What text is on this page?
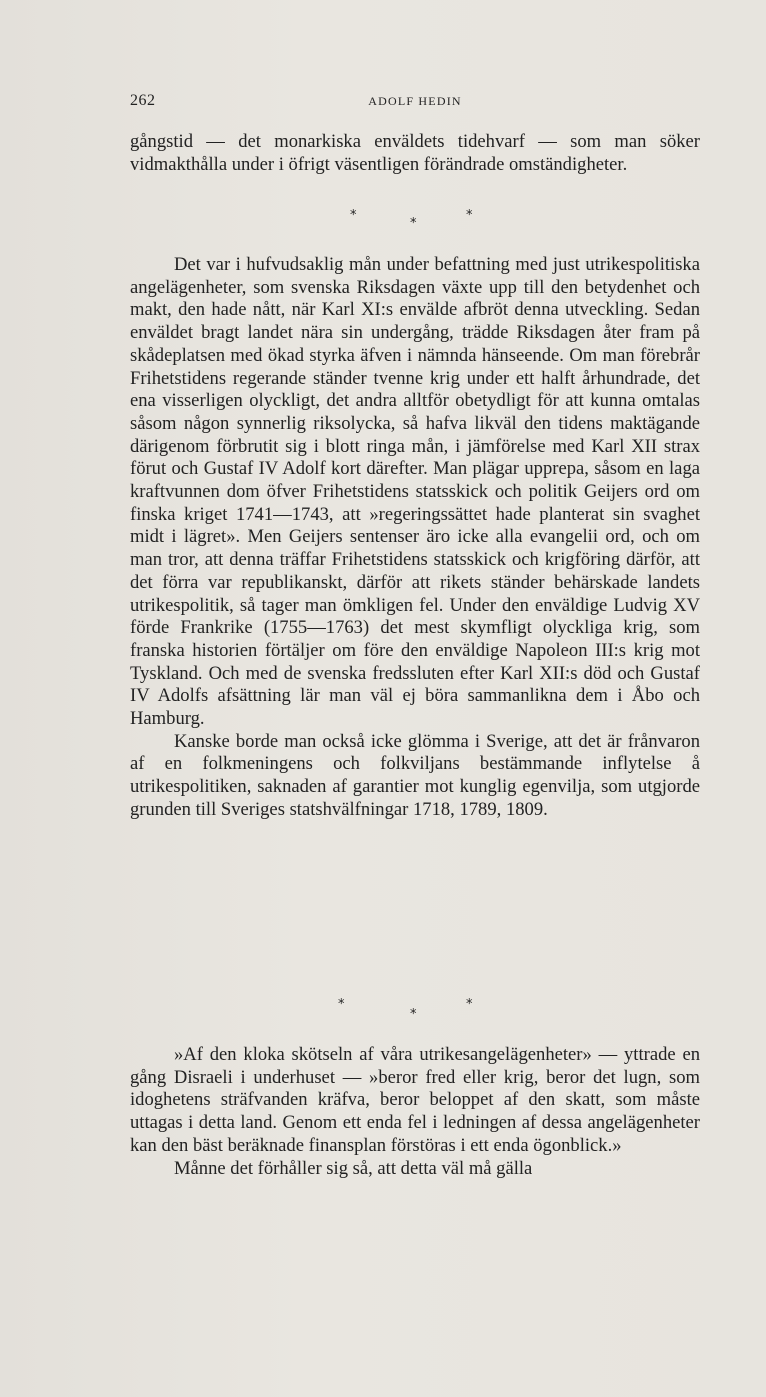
262	ADOLF HEDIN

gångstid — det monarkiska enväldets tidehvarf — som man söker vidmakthålla under i öfrigt väsentligen förändrade omständigheter.

*
*
*

Det var i hufvudsaklig mån under befattning med just utrikespolitiska angelägenheter, som svenska Riksdagen växte upp till den betydenhet och makt, den hade nått, när Karl XI:s envälde afbröt denna utveckling. Sedan enväldet bragt landet nära sin undergång, trädde Riksdagen åter fram på skådeplatsen med ökad styrka äfven i nämnda hänseende. Om man förebrår Frihetstidens regerande ständer tvenne krig under ett halft århundrade, det ena visserligen olyckligt, det andra alltför obetydligt för att kunna omtalas såsom någon synnerlig riksolycka, så hafva likväl den tidens maktägande därigenom förbrutit sig i blott ringa mån, i jämförelse med Karl XII strax förut och Gustaf IV Adolf kort därefter. Man plägar upprepa, såsom en laga kraftvunnen dom öfver Frihetstidens statsskick och politik Geijers ord om finska kriget 1741—1743, att »regeringssättet hade planterat sin svaghet midt i lägret». Men Geijers sentenser äro icke alla evangelii ord, och om man tror, att denna träffar Frihetstidens statsskick och krigföring därför, att det förra var republikanskt, därför att rikets ständer behärskade landets utrikespolitik, så tager man ömkligen fel. Under den enväldige Ludvig XV förde Frankrike (1755—1763) det mest skymfligt olyckliga krig, som franska historien förtäljer om före den enväldige Napoleon III:s krig mot Tyskland. Och med de svenska fredssluten efter Karl XII:s död och Gustaf IV Adolfs afsättning lär man väl ej böra sammanlikna dem i Åbo och Hamburg.

Kanske borde man också icke glömma i Sverige, att det är frånvaron af en folkmeningens och folkviljans bestämmande inflytelse å utrikespolitiken, saknaden af garantier mot kunglig egenvilja, som utgjorde grunden till Sveriges statshvälfningar 1718, 1789, 1809.

*
*
*

»Af den kloka skötseln af våra utrikesangelägenheter» — yttrade en gång Disraeli i underhuset — »beror fred eller krig, beror det lugn, som idoghetens sträfvanden kräfva, beror beloppet af den skatt, som måste uttagas i detta land. Genom ett enda fel i ledningen af dessa angelägenheter kan den bäst beräknade finansplan förstöras i ett enda ögonblick.»

Månne det förhåller sig så, att detta väl må gälla
